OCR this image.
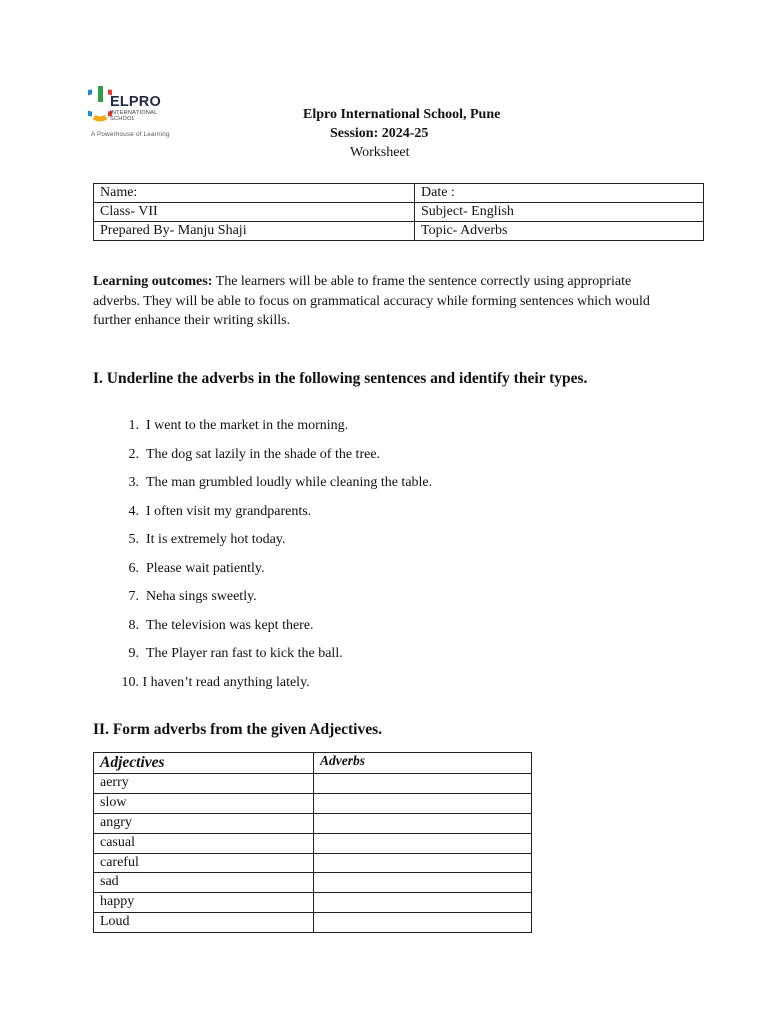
ELPRO
INTERNATIONAL
SCHOOL
A Powerhouse of Learning
Elpro International School, Pune
Session: 2024-25
Worksheet
Name:	Date :
Class- VII	Subject- English
Prepared By- Manju Shaji	Topic- Adverbs
Learning outcomes: The learners will be able to frame the sentence correctly using appropriate adverbs. They will be able to focus on grammatical accuracy while forming sentences which would further enhance their writing skills.
I. Underline the adverbs in the following sentences and identify their types.
1. I went to the market in the morning.
2. The dog sat lazily in the shade of the tree.
3. The man grumbled loudly while cleaning the table.
4. I often visit my grandparents.
5. It is extremely hot today.
6. Please wait patiently.
7. Neha sings sweetly.
8. The television was kept there.
9. The Player ran fast to kick the ball.
10. I haven’t read anything lately.
II. Form adverbs from the given Adjectives.
Adjectives	Adverbs
aerry	
slow	
angry	
casual	
careful	
sad	
happy	
Loud	
